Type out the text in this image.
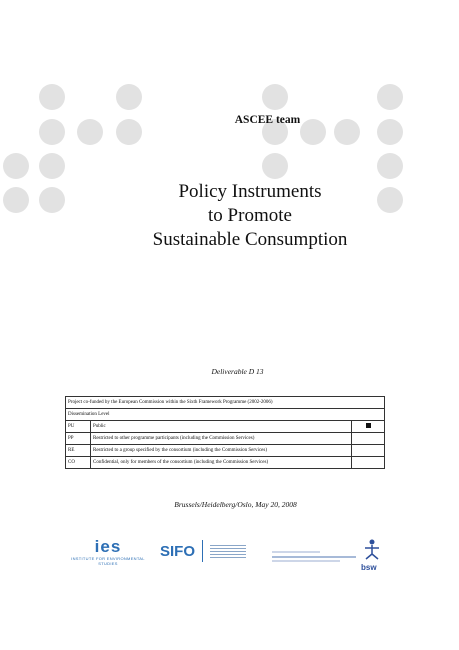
ASCEE team
Policy Instruments
to Promote
Sustainable Consumption
Deliverable D 13
Project co-funded by the European Commission within the Sixth Framework Programme (2002-2006)		
Dissemination Level		
PU	Public	
PP	Restricted to other programme participants (including the Commission Services)	
RE	Restricted to a group specified by the consortium (including the Commission Services)	
CO	Confidential, only for members of the consortium (including the Commission Services)	
Brussels/Heidelberg/Oslo, May 20, 2008
ies
INSTITUTE FOR ENVIRONMENTAL STUDIES
SIFO
bsw
